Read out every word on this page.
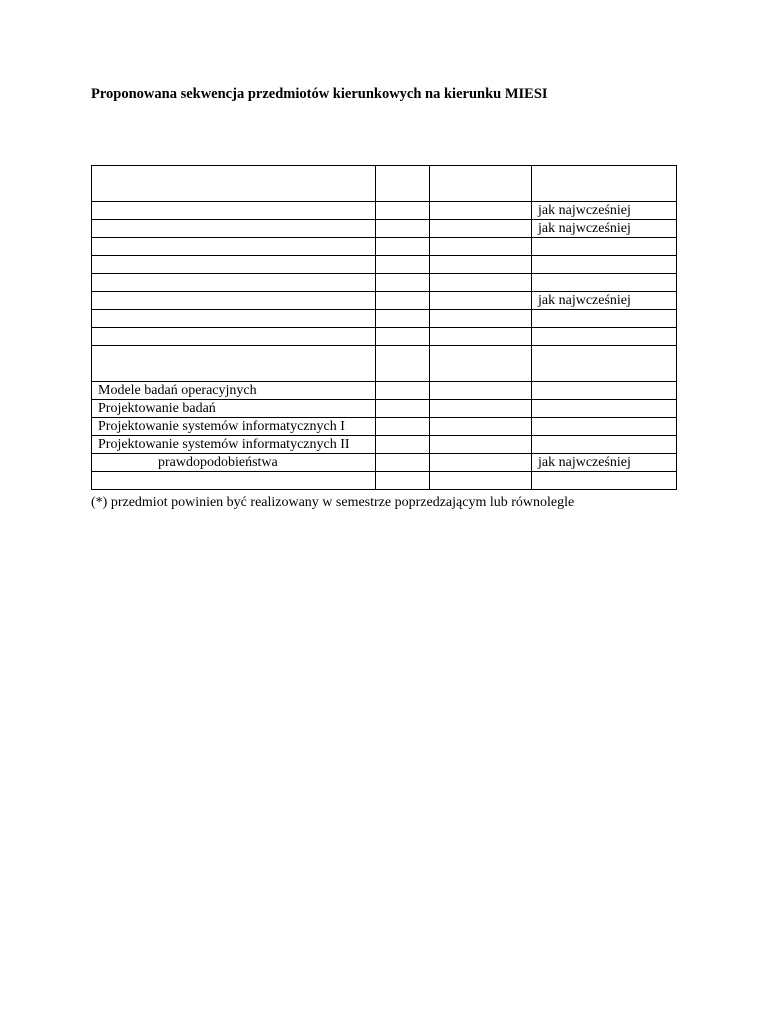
Proponowana sekwencja przedmiotów kierunkowych na kierunku MIESI

			jak najwcześniej
			jak najwcześniej

			jak najwcześniej

Modele badań operacyjnych			
Projektowanie badań			
Projektowanie systemów informatycznych I			
Projektowanie systemów informatycznych II			
prawdopodobieństwa			jak najwcześniej

(*) przedmiot powinien być realizowany w semestrze poprzedzającym lub równolegle
